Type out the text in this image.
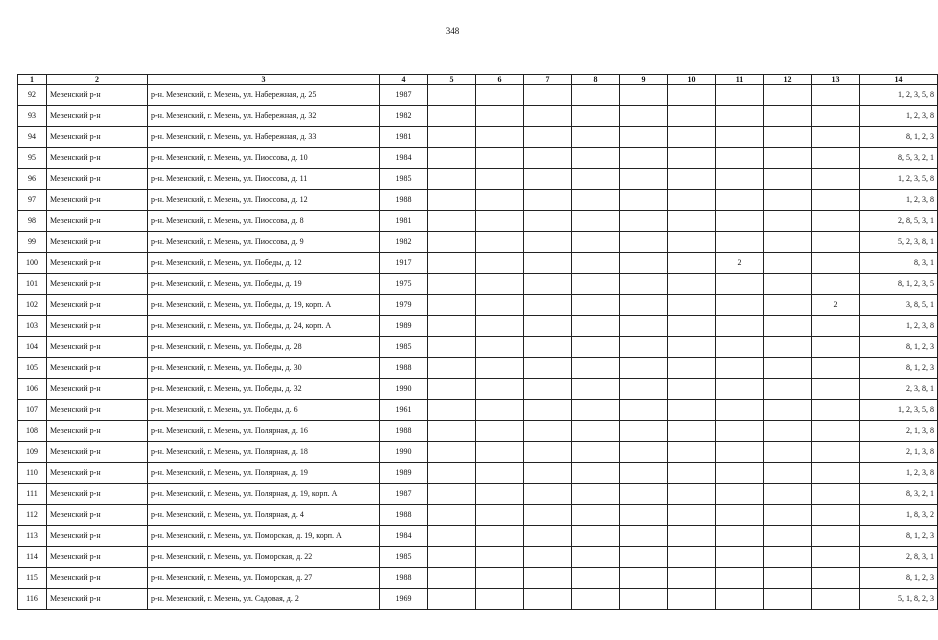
348
1	2	3	4	5	6	7	8	9	10	11	12	13	14
92	Мезенский р-н	р-н. Мезенский, г. Мезень, ул. Набережная, д. 25	1987										1, 2, 3, 5, 8
93	Мезенский р-н	р-н. Мезенский, г. Мезень, ул. Набережная, д. 32	1982										1, 2, 3, 8
94	Мезенский р-н	р-н. Мезенский, г. Мезень, ул. Набережная, д. 33	1981										8, 1, 2, 3
95	Мезенский р-н	р-н. Мезенский, г. Мезень, ул. Пиоссова, д. 10	1984										8, 5, 3, 2, 1
96	Мезенский р-н	р-н. Мезенский, г. Мезень, ул. Пиоссова, д. 11	1985										1, 2, 3, 5, 8
97	Мезенский р-н	р-н. Мезенский, г. Мезень, ул. Пиоссова, д. 12	1988										1, 2, 3, 8
98	Мезенский р-н	р-н. Мезенский, г. Мезень, ул. Пиоссова, д. 8	1981										2, 8, 5, 3, 1
99	Мезенский р-н	р-н. Мезенский, г. Мезень, ул. Пиоссова, д. 9	1982										5, 2, 3, 8, 1
100	Мезенский р-н	р-н. Мезенский, г. Мезень, ул. Победы, д. 12	1917							2			8, 3, 1
101	Мезенский р-н	р-н. Мезенский, г. Мезень, ул. Победы, д. 19	1975										8, 1, 2, 3, 5
102	Мезенский р-н	р-н. Мезенский, г. Мезень, ул. Победы, д. 19, корп. А	1979									2	3, 8, 5, 1
103	Мезенский р-н	р-н. Мезенский, г. Мезень, ул. Победы, д. 24, корп. А	1989										1, 2, 3, 8
104	Мезенский р-н	р-н. Мезенский, г. Мезень, ул. Победы, д. 28	1985										8, 1, 2, 3
105	Мезенский р-н	р-н. Мезенский, г. Мезень, ул. Победы, д. 30	1988										8, 1, 2, 3
106	Мезенский р-н	р-н. Мезенский, г. Мезень, ул. Победы, д. 32	1990										2, 3, 8, 1
107	Мезенский р-н	р-н. Мезенский, г. Мезень, ул. Победы, д. 6	1961										1, 2, 3, 5, 8
108	Мезенский р-н	р-н. Мезенский, г. Мезень, ул. Полярная, д. 16	1988										2, 1, 3, 8
109	Мезенский р-н	р-н. Мезенский, г. Мезень, ул. Полярная, д. 18	1990										2, 1, 3, 8
110	Мезенский р-н	р-н. Мезенский, г. Мезень, ул. Полярная, д. 19	1989										1, 2, 3, 8
111	Мезенский р-н	р-н. Мезенский, г. Мезень, ул. Полярная, д. 19, корп. А	1987										8, 3, 2, 1
112	Мезенский р-н	р-н. Мезенский, г. Мезень, ул. Полярная, д. 4	1988										1, 8, 3, 2
113	Мезенский р-н	р-н. Мезенский, г. Мезень, ул. Поморская, д. 19, корп. А	1984										8, 1, 2, 3
114	Мезенский р-н	р-н. Мезенский, г. Мезень, ул. Поморская, д. 22	1985										2, 8, 3, 1
115	Мезенский р-н	р-н. Мезенский, г. Мезень, ул. Поморская, д. 27	1988										8, 1, 2, 3
116	Мезенский р-н	р-н. Мезенский, г. Мезень, ул. Садовая, д. 2	1969										5, 1, 8, 2, 3
